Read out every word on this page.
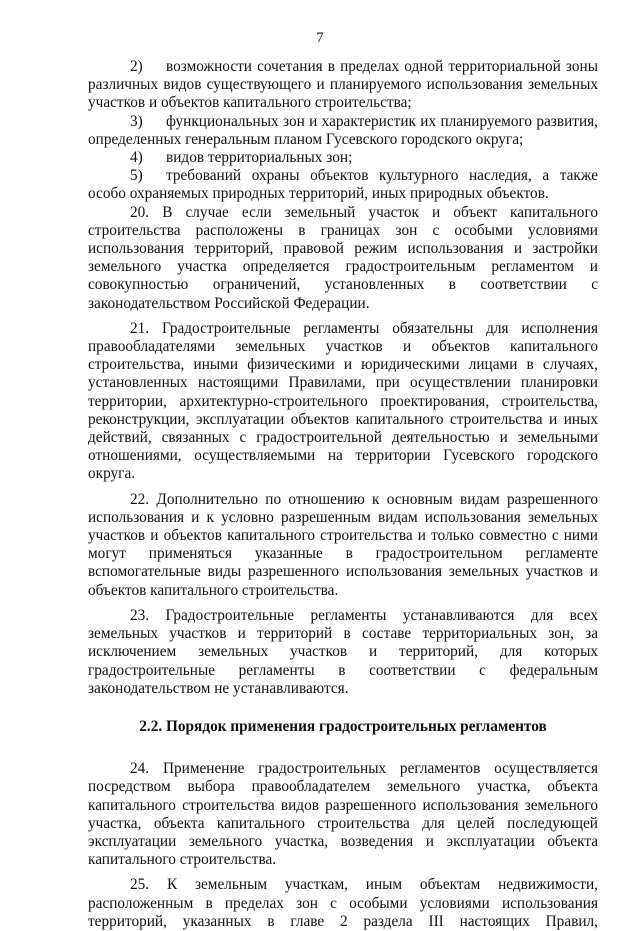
7

2) возможности сочетания в пределах одной территориальной зоны различных видов существующего и планируемого использования земельных участков и объектов капитального строительства;

3) функциональных зон и характеристик их планируемого развития, определенных генеральным планом Гусевского городского округа;

4) видов территориальных зон;

5) требований охраны объектов культурного наследия, а также особо охраняемых природных территорий, иных природных объектов.

20. В случае если земельный участок и объект капитального строительства расположены в границах зон с особыми условиями использования территорий, правовой режим использования и застройки земельного участка определяется градостроительным регламентом и совокупностью ограничений, установленных в соответствии с законодательством Российской Федерации.

21. Градостроительные регламенты обязательны для исполнения правообладателями земельных участков и объектов капитального строительства, иными физическими и юридическими лицами в случаях, установленных настоящими Правилами, при осуществлении планировки территории, архитектурно-строительного проектирования, строительства, реконструкции, эксплуатации объектов капитального строительства и иных действий, связанных с градостроительной деятельностью и земельными отношениями, осуществляемыми на территории Гусевского городского округа.

22. Дополнительно по отношению к основным видам разрешенного использования и к условно разрешенным видам использования земельных участков и объектов капитального строительства и только совместно с ними могут применяться указанные в градостроительном регламенте вспомогательные виды разрешенного использования земельных участков и объектов капитального строительства.

23. Градостроительные регламенты устанавливаются для всех земельных участков и территорий в составе территориальных зон, за исключением земельных участков и территорий, для которых градостроительные регламенты в соответствии с федеральным законодательством не устанавливаются.

2.2. Порядок применения градостроительных регламентов

24. Применение градостроительных регламентов осуществляется посредством выбора правообладателем земельного участка, объекта капитального строительства видов разрешенного использования земельного участка, объекта капитального строительства для целей последующей эксплуатации земельного участка, возведения и эксплуатации объекта капитального строительства.

25. К земельным участкам, иным объектам недвижимости, расположенным в пределах зон с особыми условиями использования территорий, указанных в главе 2 раздела III настоящих Правил,
